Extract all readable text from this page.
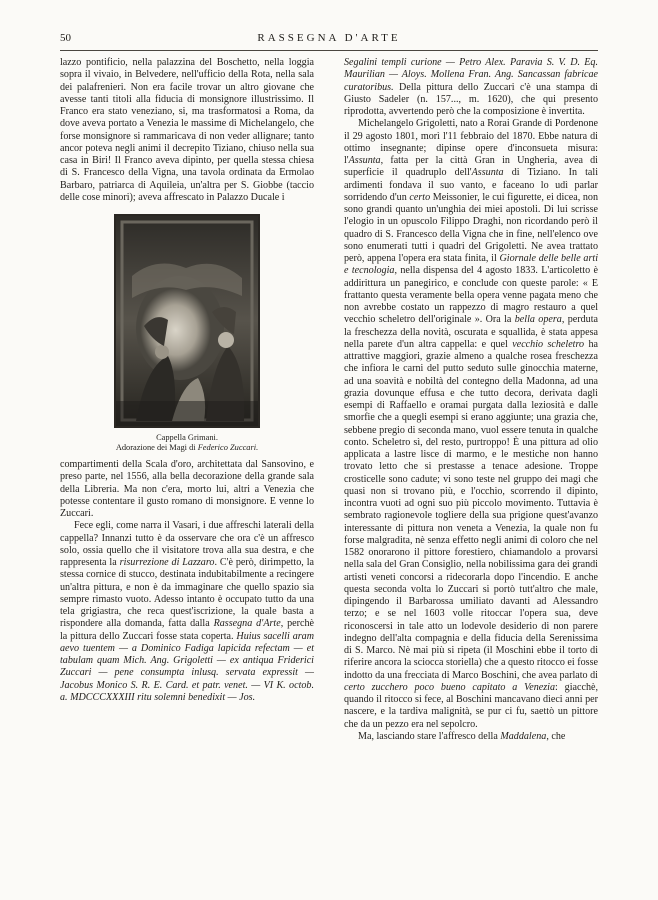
50	RASSEGNA D'ARTE

lazzo pontificio, nella palazzina del Boschetto, nella loggia sopra il vivaio, in Belvedere, nell'ufficio della Rota, nella sala dei palafrenieri. Non era facile trovar un altro giovane che avesse tanti titoli alla fiducia di monsignore illustrissimo. Il Franco era stato veneziano, si, ma trasformatosi a Roma, da dove aveva portato a Venezia le massime di Michelangelo, che forse monsignore si rammaricava di non veder allignare; tanto ancor poteva negli animi il decrepito Tiziano, chiuso nella sua casa in Biri! Il Franco aveva dipinto, per quella stessa chiesa di S. Francesco della Vigna, una tavola ordinata da Ermolao Barbaro, patriarca di Aquileia, un'altra per S. Giobbe (taccio delle cose minori); aveva affrescato in Palazzo Ducale i

Cappella Grimani.
Adorazione dei Magi di Federico Zuccari.

compartimenti della Scala d'oro, architettata dal Sansovino, e preso parte, nel 1556, alla bella decorazione della grande sala della Libreria. Ma non c'era, morto lui, altri a Venezia che potesse contentare il gusto romano di monsignore. E venne lo Zuccari.

Fece egli, come narra il Vasari, i due affreschi laterali della cappella? Innanzi tutto è da osservare che ora c'è un affresco solo, ossia quello che il visitatore trova alla sua destra, e che rappresenta la risurrezione di Lazzaro. C'è però, dirimpetto, la stessa cornice di stucco, destinata indubitabilmente a recingere un'altra pittura, e non è da immaginare che quello spazio sia sempre rimasto vuoto. Adesso intanto è occupato tutto da una tela grigiastra, che reca quest'iscrizione, la quale basta a rispondere alla domanda, fatta dalla Rassegna d'Arte, perchè la pittura dello Zuccari fosse stata coperta. Huius sacelli aram aevo tuentem — a Dominico Fadiga lapicida refectam — et tabulam quam Mich. Ang. Grigoletti — ex antiqua Friderici Zuccari — pene consumpta inlusq. servata expressit — Jacobus Monico S. R. E. Card. et patr. venet. — VI K. octob. a. MDCCCXXXIII ritu solemni benedixit — Jos.

Segalini templi curione — Petro Alex. Paravia S. V. D. Eq. Maurilian — Aloys. Mollena Fran. Ang. Sancassan fabricae curatoribus. Della pittura dello Zuccari c'è una stampa di Giusto Sadeler (n. 157..., m. 1620), che qui presento riprodotta, avvertendo però che la composizione è invertita.

Michelangelo Grigoletti, nato a Rorai Grande di Pordenone il 29 agosto 1801, morì l'11 febbraio del 1870. Ebbe natura di ottimo insegnante; dipinse opere d'inconsueta misura: l'Assunta, fatta per la città Gran in Ungheria, avea di superficie il quadruplo dell'Assunta di Tiziano. In tali ardimenti fondava il suo vanto, e faceano lo udì parlar sorridendo d'un certo Meissonier, le cui figurette, ei dicea, non sono grandi quanto un'unghia dei miei apostoli. Di lui scrisse l'elogio in un opuscolo Filippo Draghi, non ricordando però il quadro di S. Francesco della Vigna che in fine, nell'elenco ove sono enumerati tutti i quadri del Grigoletti. Ne avea trattato però, appena l'opera era stata finita, il Giornale delle belle arti e tecnologia, nella dispensa del 4 agosto 1833. L'articoletto è addirittura un panegirico, e conclude con queste parole: « E frattanto questa veramente bella opera venne pagata meno che non avrebbe costato un rappezzo di magro restauro a quel vecchio scheletro dell'originale ». Ora la bella opera, perduta la freschezza della novità, oscurata e squallida, è stata appesa nella parete d'un altra cappella: e quel vecchio scheletro ha attrattive maggiori, grazie almeno a qualche rosea freschezza che infiora le carni del putto seduto sulle ginocchia materne, ad una soavità e nobiltà del contegno della Madonna, ad una grazia dovunque effusa e che tutto decora, derivata dagli esempi di Raffaello e oramai purgata dalla leziosità e dalle smorfie che a quegli esempi si erano aggiunte; una grazia che, sebbene pregio di seconda mano, vuol essere tenuta in qualche conto. Scheletro sì, del resto, purtroppo! È una pittura ad olio applicata a lastre lisce di marmo, e le mestiche non hanno trovato letto che si prestasse a tenace adesione. Troppe crosticelle sono cadute; vi sono teste nel gruppo dei magi che quasi non si trovano più, e l'occhio, scorrendo il dipinto, incontra vuoti ad ogni suo più piccolo movimento. Tuttavia è sembrato ragionevole togliere della sua prigione quest'avanzo interessante di pittura non veneta a Venezia, la quale non fu forse malgradita, nè senza effetto negli animi di coloro che nel 1582 onorarono il pittore forestiero, chiamandolo a provarsi nella sala del Gran Consiglio, nella nobilissima gara dei grandi artisti veneti concorsi a ridecorarla dopo l'incendio. E anche questa seconda volta lo Zuccari si portò tutt'altro che male, dipingendo il Barbarossa umiliato davanti ad Alessandro terzo; e se nel 1603 volle ritoccar l'opera sua, deve riconoscersi in tale atto un lodevole desiderio di non parere indegno dell'alta compagnia e della fiducia della Serenissima di S. Marco. Nè mai più si ripeta (il Moschini ebbe il torto di riferire ancora la sciocca storiella) che a questo ritocco ei fosse indotto da una frecciata di Marco Boschini, che avea parlato di certo zucchero poco bueno capitato a Venezia: giacchè, quando il ritocco si fece, al Boschini mancavano dieci anni per nascere, e la tardiva malignità, se pur ci fu, saettò un pittore che da un pezzo era nel sepolcro.

Ma, lasciando stare l'affresco della Maddalena, che
